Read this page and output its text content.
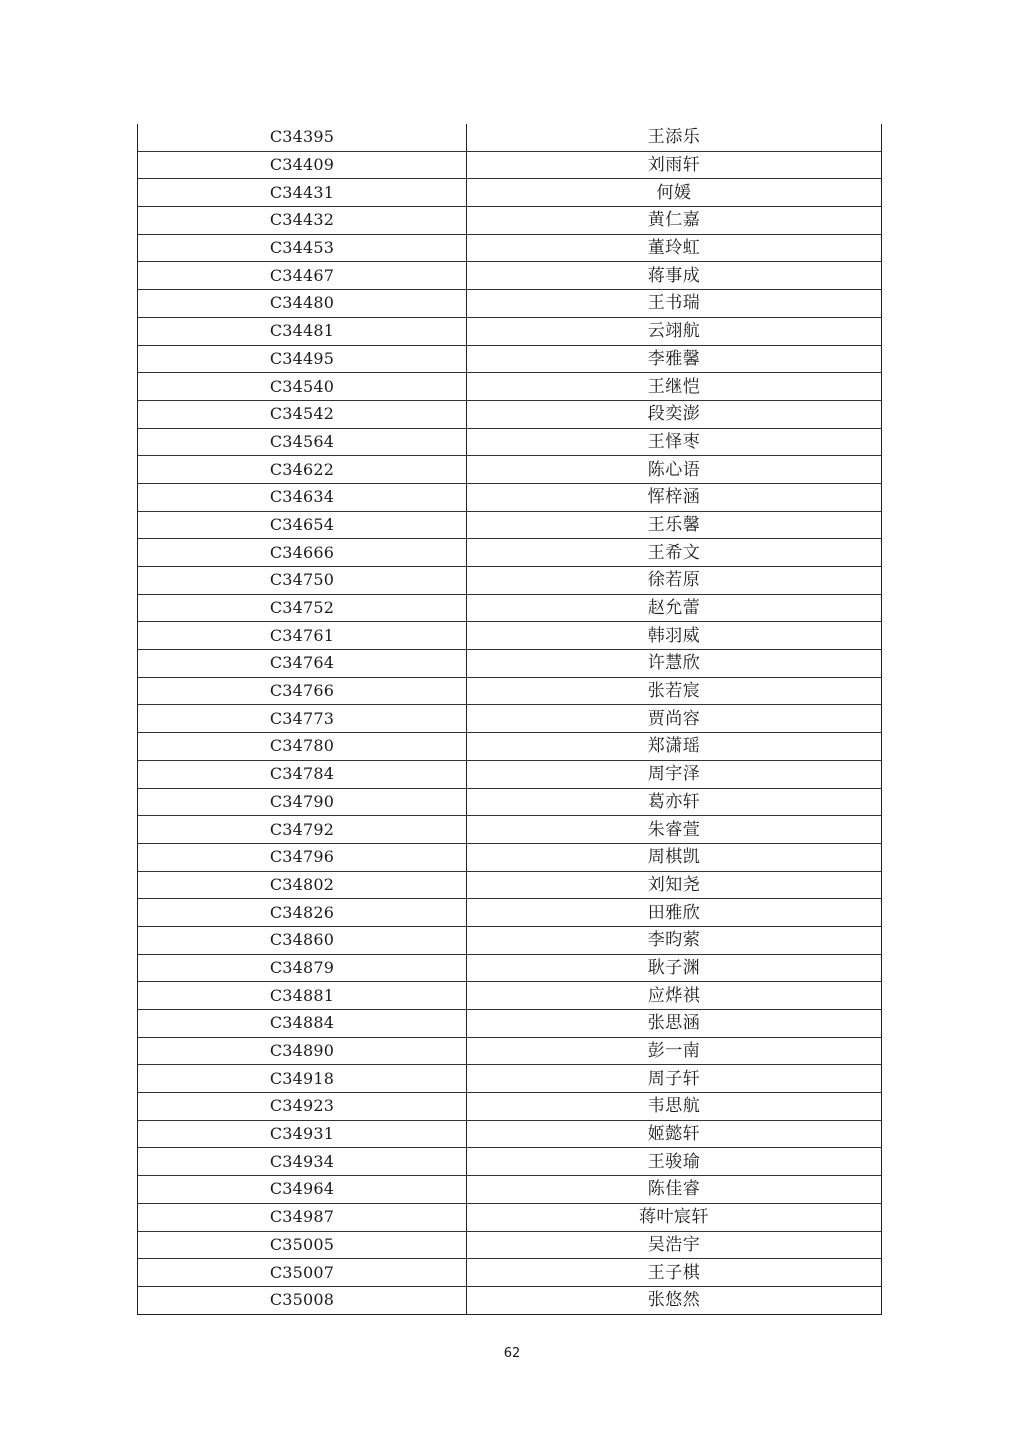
C34395	王添乐
C34409	刘雨轩
C34431	何媛
C34432	黄仁嘉
C34453	董玲虹
C34467	蒋事成
C34480	王书瑞
C34481	云翊航
C34495	李雅馨
C34540	王继恺
C34542	段奕澎
C34564	王怿枣
C34622	陈心语
C34634	恽梓涵
C34654	王乐馨
C34666	王希文
C34750	徐若原
C34752	赵允蕾
C34761	韩羽威
C34764	许慧欣
C34766	张若宸
C34773	贾尚容
C34780	郑潇瑶
C34784	周宇泽
C34790	葛亦轩
C34792	朱睿萱
C34796	周棋凯
C34802	刘知尧
C34826	田雅欣
C34860	李昀萦
C34879	耿子渊
C34881	应烨祺
C34884	张思涵
C34890	彭一南
C34918	周子轩
C34923	韦思航
C34931	姬懿轩
C34934	王骏瑜
C34964	陈佳睿
C34987	蒋叶宸轩
C35005	吴浩宇
C35007	王子棋
C35008	张悠然
62
